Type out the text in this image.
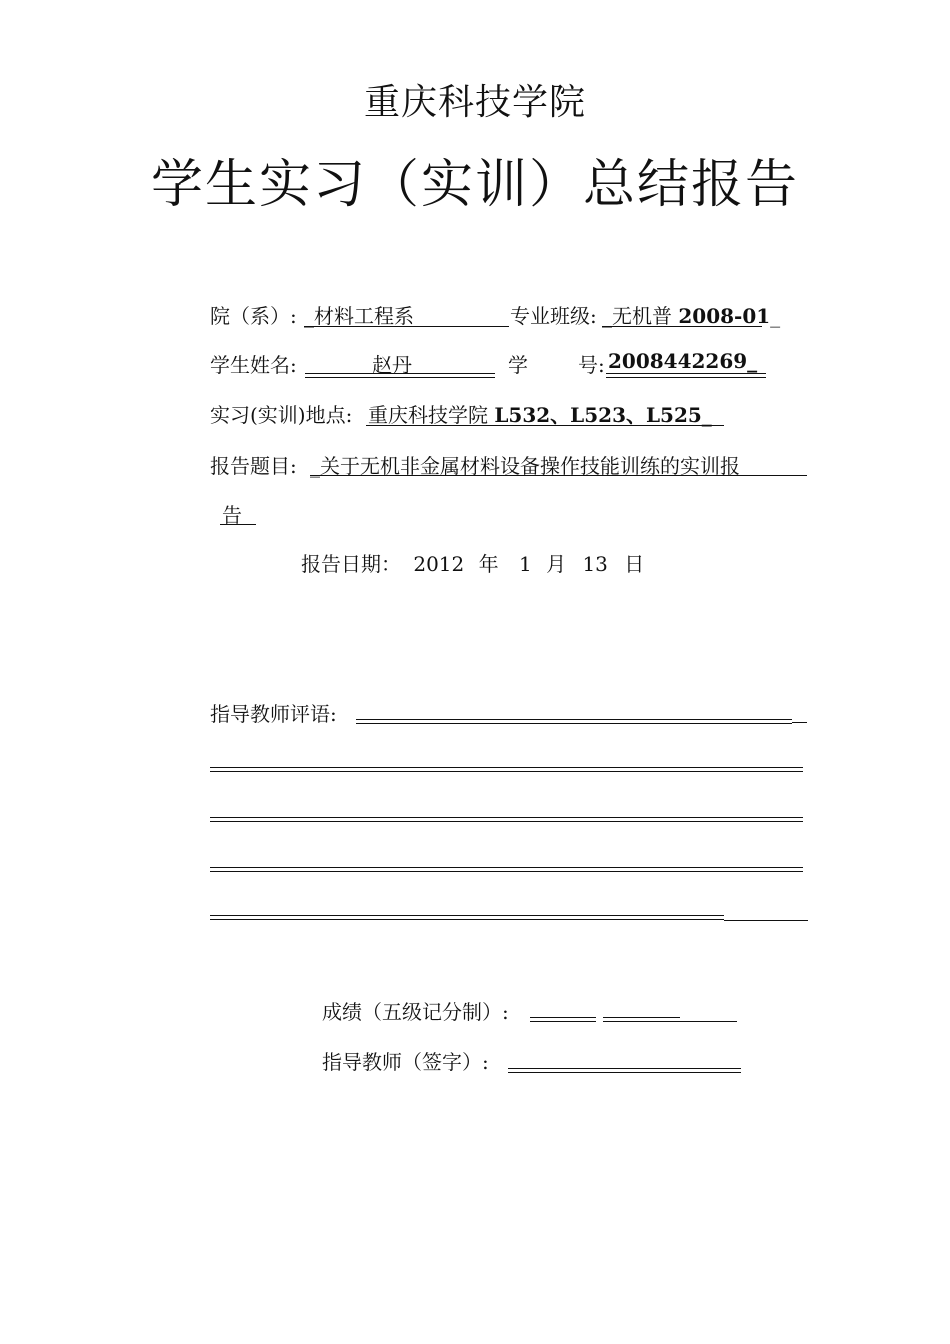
重庆科技学院
学生实习（实训）总结报告
院（系）: _材料工程系	专业班级: _无机普 2008-01_
学生姓名:	赵丹	学	号: 2008442269_
实习(实训)地点: 重庆科技学院 L532、L523、L525_
报告题目: _关于无机非金属材料设备操作技能训练的实训报
告
报告日期： 2012 年 1 月 13 日
指导教师评语:
成绩（五级记分制）:
指导教师（签字）:
